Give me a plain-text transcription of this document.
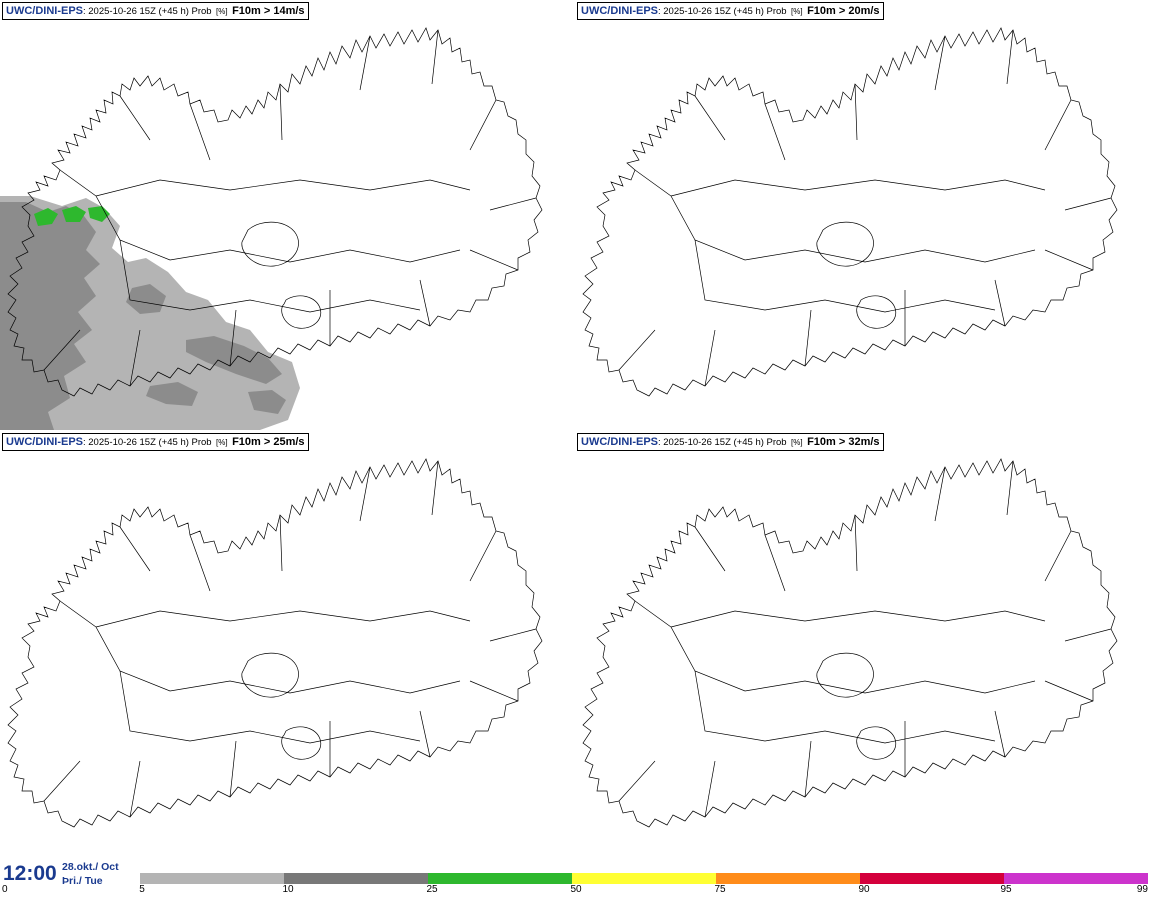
UWC/DINI-EPS: 2025-10-26 15Z (+45 h) Prob [%] F10m > 14m/s	UWC/DINI-EPS: 2025-10-26 15Z (+45 h) Prob [%] F10m > 20m/s
UWC/DINI-EPS: 2025-10-26 15Z (+45 h) Prob [%] F10m > 25m/s	UWC/DINI-EPS: 2025-10-26 15Z (+45 h) Prob [%] F10m > 32m/s
12:00 28.okt./ Oct
Þri./ Tue
0	5	10	25	50	75	90	95	99
